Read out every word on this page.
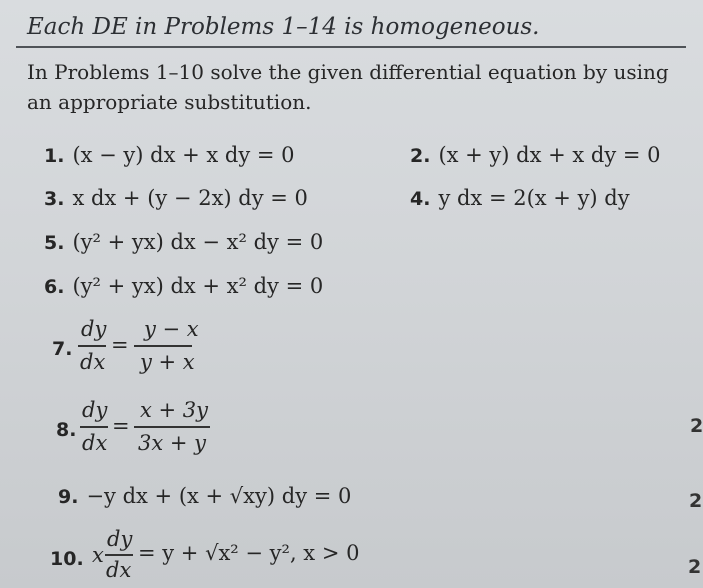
Each DE in Problems 1–14 is homogeneous.
In Problems 1–10 solve the given differential equation by using an appropriate substitution.
1. (x − y) dx + x dy = 0	2. (x + y) dx + x dy = 0
3. x dx + (y − 2x) dy = 0	4. y dx = 2(x + y) dy
5. (y² + yx) dx − x² dy = 0
6. (y² + yx) dx + x² dy = 0
7.
dy
dx
=
y − x
y + x
8.
dy
dx
=
x + 3y
3x + y
9. −y dx + (x + √xy) dy = 0
10. x
dy
dx
= y + √x² − y², x > 0
2
2
2
